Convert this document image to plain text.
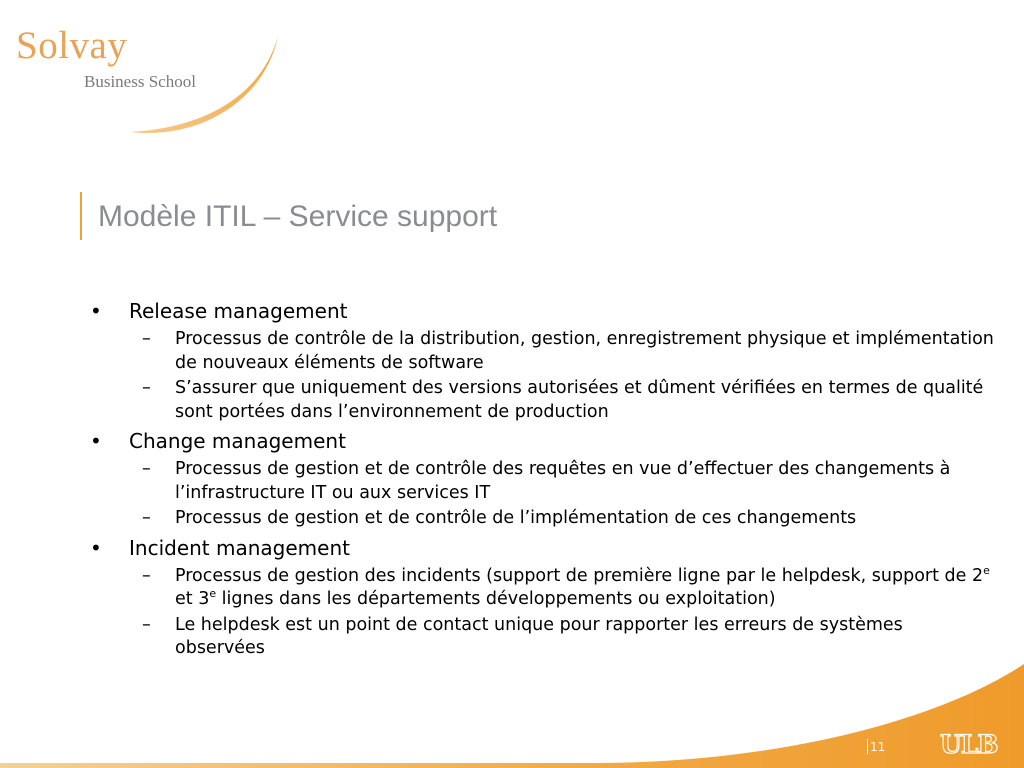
Solvay
Business School
Modèle ITIL – Service support
• Release management
– Processus de contrôle de la distribution, gestion, enregistrement physique et implémentation de nouveaux éléments de software
– S’assurer que uniquement des versions autorisées et dûment vérifiées en termes de qualité sont portées dans l’environnement de production
• Change management
– Processus de gestion et de contrôle des requêtes en vue d’effectuer des changements à l’infrastructure IT ou aux services IT
– Processus de gestion et de contrôle de l’implémentation de ces changements
• Incident management
– Processus de gestion des incidents (support de première ligne par le helpdesk, support de 2e et 3e lignes dans les départements développements ou exploitation)
– Le helpdesk est un point de contact unique pour rapporter les erreurs de systèmes observées
11 ULB
